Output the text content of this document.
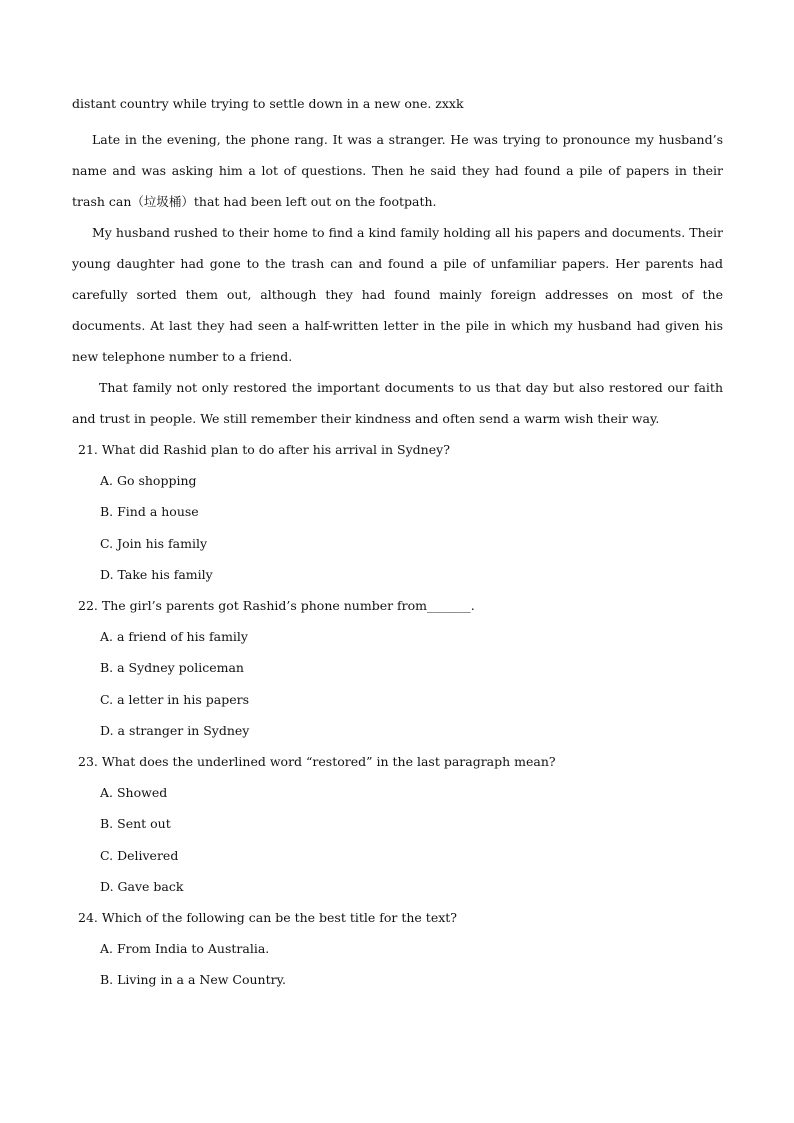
distant country while trying to settle down in a new one. zxxk

Late in the evening, the phone rang. It was a stranger. He was trying to pronounce my husband’s name and was asking him a lot of questions. Then he said they had found a pile of papers in their trash can（垃圾桶）that had been left out on the footpath.

My husband rushed to their home to find a kind family holding all his papers and documents. Their young daughter had gone to the trash can and found a pile of unfamiliar papers. Her parents had carefully sorted them out, although they had found mainly foreign addresses on most of the documents. At last they had seen a half-written letter in the pile in which my husband had given his new telephone number to a friend.

That family not only restored the important documents to us that day but also restored our faith and trust in people. We still remember their kindness and often send a warm wish their way.

21. What did Rashid plan to do after his arrival in Sydney?

A. Go shopping

B. Find a house

C. Join his family

D. Take his family

22. The girl’s parents got Rashid’s phone number from_______.

A. a friend of his family

B. a Sydney policeman

C. a letter in his papers

D. a stranger in Sydney

23. What does the underlined word “restored” in the last paragraph mean?

A. Showed

B. Sent out

C. Delivered

D. Gave back

24. Which of the following can be the best title for the text?

A. From India to Australia.

B. Living in a a New Country.
